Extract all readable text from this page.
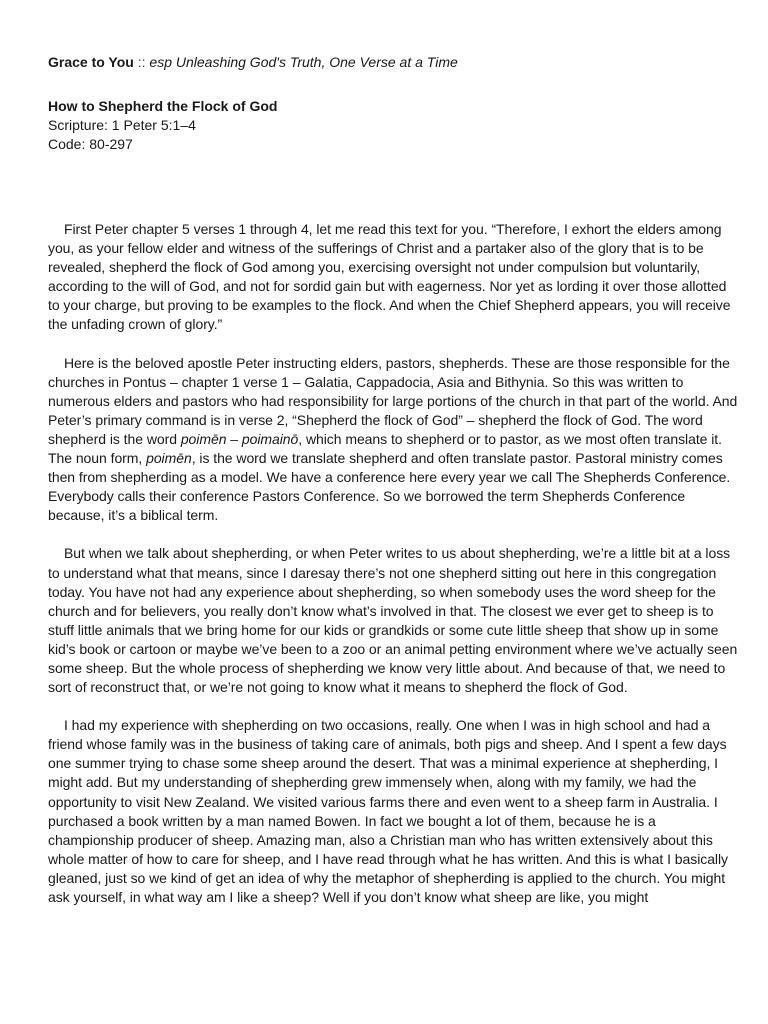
Grace to You :: esp Unleashing God's Truth, One Verse at a Time

How to Shepherd the Flock of God

Scripture: 1 Peter 5:1–4

Code: 80-297

First Peter chapter 5 verses 1 through 4, let me read this text for you. “Therefore, I exhort the elders among you, as your fellow elder and witness of the sufferings of Christ and a partaker also of the glory that is to be revealed, shepherd the flock of God among you, exercising oversight not under compulsion but voluntarily, according to the will of God, and not for sordid gain but with eagerness. Nor yet as lording it over those allotted to your charge, but proving to be examples to the flock. And when the Chief Shepherd appears, you will receive the unfading crown of glory.”

Here is the beloved apostle Peter instructing elders, pastors, shepherds. These are those responsible for the churches in Pontus – chapter 1 verse 1 – Galatia, Cappadocia, Asia and Bithynia. So this was written to numerous elders and pastors who had responsibility for large portions of the church in that part of the world. And Peter’s primary command is in verse 2, “Shepherd the flock of God” – shepherd the flock of God. The word shepherd is the word poimēn – poimainō, which means to shepherd or to pastor, as we most often translate it. The noun form, poimēn, is the word we translate shepherd and often translate pastor. Pastoral ministry comes then from shepherding as a model. We have a conference here every year we call The Shepherds Conference. Everybody calls their conference Pastors Conference. So we borrowed the term Shepherds Conference because, it’s a biblical term.

But when we talk about shepherding, or when Peter writes to us about shepherding, we’re a little bit at a loss to understand what that means, since I daresay there’s not one shepherd sitting out here in this congregation today. You have not had any experience about shepherding, so when somebody uses the word sheep for the church and for believers, you really don’t know what’s involved in that. The closest we ever get to sheep is to stuff little animals that we bring home for our kids or grandkids or some cute little sheep that show up in some kid’s book or cartoon or maybe we’ve been to a zoo or an animal petting environment where we’ve actually seen some sheep. But the whole process of shepherding we know very little about. And because of that, we need to sort of reconstruct that, or we’re not going to know what it means to shepherd the flock of God.

I had my experience with shepherding on two occasions, really. One when I was in high school and had a friend whose family was in the business of taking care of animals, both pigs and sheep. And I spent a few days one summer trying to chase some sheep around the desert. That was a minimal experience at shepherding, I might add. But my understanding of shepherding grew immensely when, along with my family, we had the opportunity to visit New Zealand. We visited various farms there and even went to a sheep farm in Australia. I purchased a book written by a man named Bowen. In fact we bought a lot of them, because he is a championship producer of sheep. Amazing man, also a Christian man who has written extensively about this whole matter of how to care for sheep, and I have read through what he has written. And this is what I basically gleaned, just so we kind of get an idea of why the metaphor of shepherding is applied to the church. You might ask yourself, in what way am I like a sheep? Well if you don’t know what sheep are like, you might
